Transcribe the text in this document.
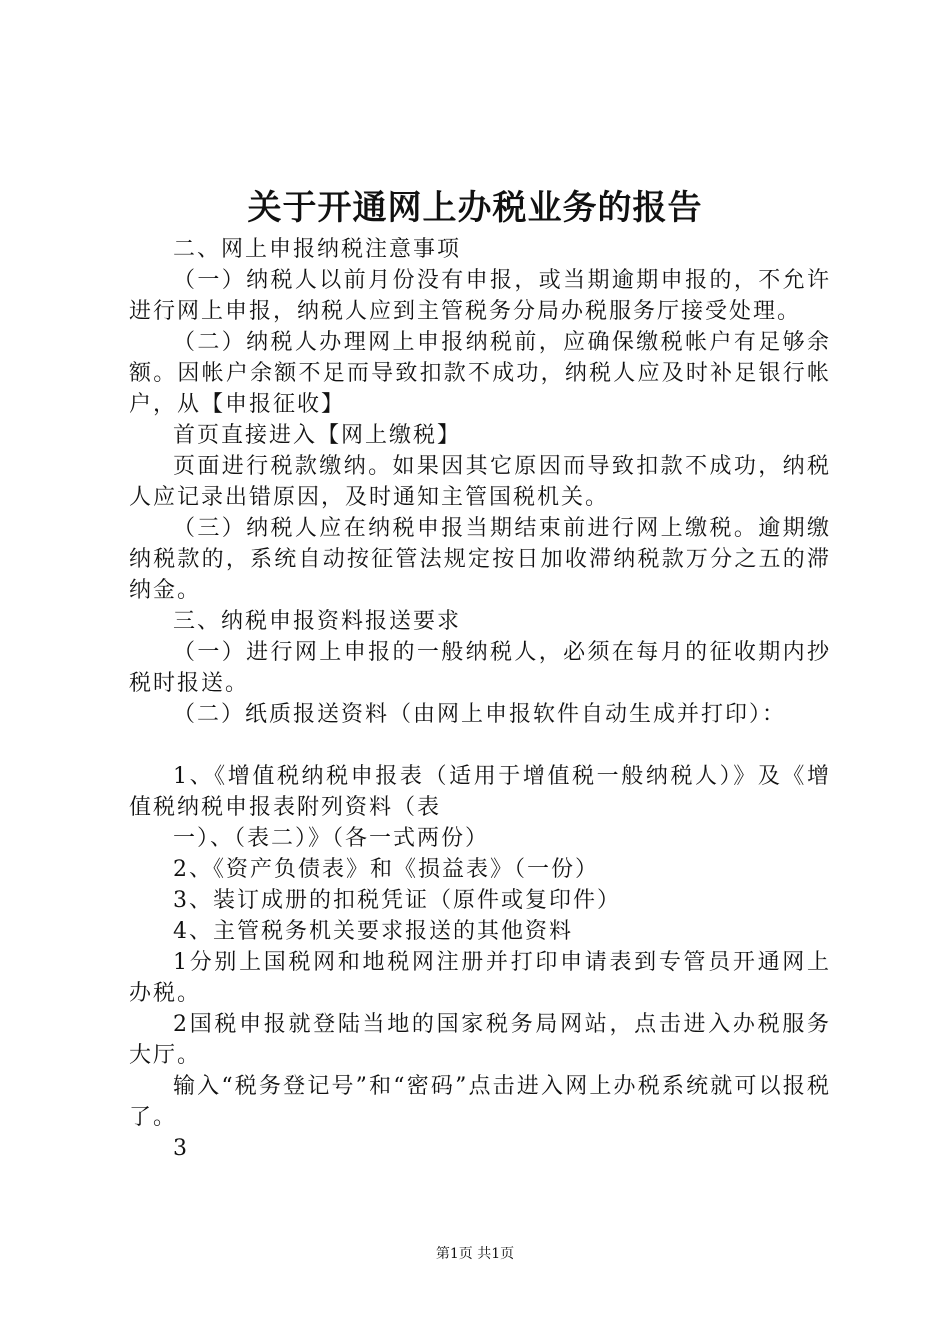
关于开通网上办税业务的报告

二、网上申报纳税注意事项

（一）纳税人以前月份没有申报，或当期逾期申报的，不允许进行网上申报，纳税人应到主管税务分局办税服务厅接受处理。

（二）纳税人办理网上申报纳税前，应确保缴税帐户有足够余额。因帐户余额不足而导致扣款不成功，纳税人应及时补足银行帐户，从【申报征收】

首页直接进入【网上缴税】

页面进行税款缴纳。如果因其它原因而导致扣款不成功，纳税人应记录出错原因，及时通知主管国税机关。

（三）纳税人应在纳税申报当期结束前进行网上缴税。逾期缴纳税款的，系统自动按征管法规定按日加收滞纳税款万分之五的滞纳金。

三、纳税申报资料报送要求

（一）进行网上申报的一般纳税人，必须在每月的征收期内抄税时报送。

（二）纸质报送资料（由网上申报软件自动生成并打印）：

1、《增值税纳税申报表（适用于增值税一般纳税人）》及《增值税纳税申报表附列资料（表

一）、（表二）》（各一式两份）

2、《资产负债表》和《损益表》（一份）

3、装订成册的扣税凭证（原件或复印件）

4、主管税务机关要求报送的其他资料

1分别上国税网和地税网注册并打印申请表到专管员开通网上办税。

2国税申报就登陆当地的国家税务局网站，点击进入办税服务大厅。

输入“税务登记号”和“密码”点击进入网上办税系统就可以报税了。

3

第1页 共1页
